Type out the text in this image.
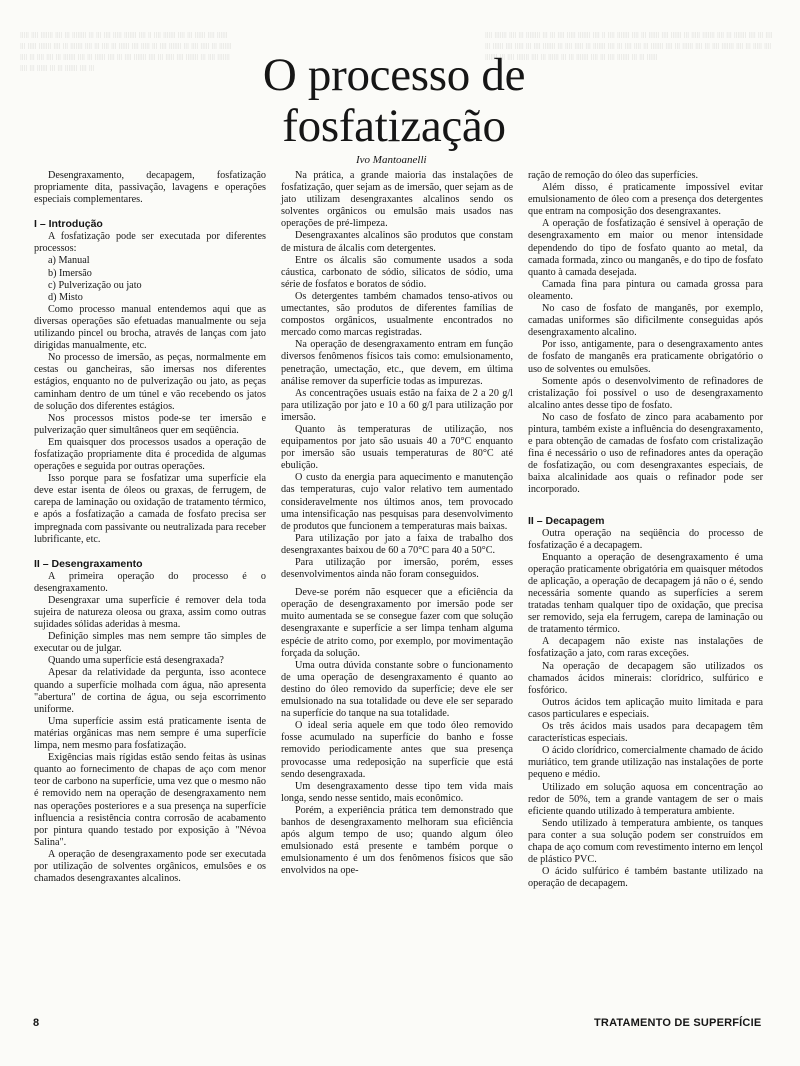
lllll llll lllllll llll lll llllllll lll lll llll lllll lllllll llll ll llll lllllll llll lll llllll llll llllll lll lllll lllllll llll lll lllllll llll lll llll lll llllll llll lllll lll llll lllllll lll llll lllll lll lllllll llll lll llll llll lll lllllll llll lll llllll llll lll llll lllllll llll lll lllll llll lllllll lll llll lllllll llll lll llllll lll lll lllllll llll lll
llll lllllll llll lll llllllll lll lll llll lllll lllllll llll ll llll lllllll llll lll llllll llll llllll lll lllll lllllll llll lll lllllll llll lll llll lll llllll llll lllll lll llll lllllll lll llll lllll lll lllllll llll lll llll llll lll lllllll llll lll llllll llll lll llll lllllll llll lll lllll llll lllllll lll llll lllllll llll lll llllll lll lll lllllll llll lll llll lllllll lll lll llllll
O processo de
fosfatização

Ivo Mantoanelli

Desengraxamento, decapagem, fosfatização propriamente dita, passivação, lavagens e operações especiais complementares.

I – Introdução

A fosfatização pode ser executada por diferentes processos:

a) Manual
b) Imersão
c) Pulverização ou jato
d) Misto

Como processo manual entendemos aqui que as diversas operações são efetuadas manualmente ou seja utilizando pincel ou brocha, através de lanças com jato dirigidas manualmente, etc.

No processo de imersão, as peças, normalmente em cestas ou gancheiras, são imersas nos diferentes estágios, enquanto no de pulverização ou jato, as peças caminham dentro de um túnel e vão recebendo os jatos de solução dos diferentes estágios.

Nos processos mistos pode-se ter imersão e pulverização quer simultâneos quer em seqüência.

Em quaisquer dos processos usados a operação de fosfatização propriamente dita é procedida de algumas operações e seguida por outras operações.

Isso porque para se fosfatizar uma superfície ela deve estar isenta de óleos ou graxas, de ferrugem, de carepa de laminação ou oxidação de tratamento térmico, e após a fosfatização a camada de fosfato precisa ser impregnada com passivante ou neutralizada para receber lubrificante, etc.

II – Desengraxamento

A primeira operação do processo é o desengraxamento.

Desengraxar uma superfície é remover dela toda sujeira de natureza oleosa ou graxa, assim como outras sujidades sólidas aderidas à mesma.

Definição simples mas nem sempre tão simples de executar ou de julgar.

Quando uma superfície está desengraxada?

Apesar da relatividade da pergunta, isso acontece quando a superfície molhada com água, não apresenta "abertura" de cortina de água, ou seja escorrimento uniforme.

Uma superfície assim está praticamente isenta de matérias orgânicas mas nem sempre é uma superfície limpa, nem mesmo para fosfatização.

Exigências mais rígidas estão sendo feitas às usinas quanto ao fornecimento de chapas de aço com menor teor de carbono na superfície, uma vez que o mesmo não é removido nem na operação de desengraxamento nem nas operações posteriores e a sua presença na superfície influencia a resistência contra corrosão de acabamento por pintura quando testado por exposição à "Névoa Salina".

A operação de desengraxamento pode ser executada por utilização de solventes orgânicos, emulsões e os chamados desengraxantes alcalinos.

Na prática, a grande maioria das instalações de fosfatização, quer sejam as de imersão, quer sejam as de jato utilizam desengraxantes alcalinos sendo os solventes orgânicos ou emulsão mais usados nas operações de pré-limpeza.

Desengraxantes alcalinos são produtos que constam de mistura de álcalis com detergentes.

Entre os álcalis são comumente usados a soda cáustica, carbonato de sódio, silicatos de sódio, uma série de fosfatos e boratos de sódio.

Os detergentes também chamados tenso-ativos ou umectantes, são produtos de diferentes famílias de compostos orgânicos, usualmente encontrados no mercado como marcas registradas.

Na operação de desengraxamento entram em função diversos fenômenos físicos tais como: emulsionamento, penetração, umectação, etc., que devem, em última análise remover da superfície todas as impurezas.

As concentrações usuais estão na faixa de 2 a 20 g/l para utilização por jato e 10 a 60 g/l para utilização por imersão.

Quanto às temperaturas de utilização, nos equipamentos por jato são usuais 40 a 70°C enquanto por imersão são usuais temperaturas de 80°C até ebulição.

O custo da energia para aquecimento e manutenção das temperaturas, cujo valor relativo tem aumentado consideravelmente nos últimos anos, tem provocado uma intensificação nas pesquisas para desenvolvimento de produtos que funcionem a temperaturas mais baixas.

Para utilização por jato a faixa de trabalho dos desengraxantes baixou de 60 a 70°C para 40 a 50°C.

Para utilização por imersão, porém, esses desenvolvimentos ainda não foram conseguidos.

Deve-se porém não esquecer que a eficiência da operação de desengraxamento por imersão pode ser muito aumentada se se consegue fazer com que solução desengraxante e superfície a ser limpa tenham alguma espécie de atrito como, por exemplo, por movimentação forçada da solução.

Uma outra dúvida constante sobre o funcionamento de uma operação de desengraxamento é quanto ao destino do óleo removido da superfície; deve ele ser emulsionado na sua totalidade ou deve ele ser separado na superfície do tanque na sua totalidade.

O ideal seria aquele em que todo óleo removido fosse acumulado na superfície do banho e fosse removido periodicamente antes que sua presença provocasse uma redeposição na superfície que está sendo desengraxada.

Um desengraxamento desse tipo tem vida mais longa, sendo nesse sentido, mais econômico.

Porém, a experiência prática tem demonstrado que banhos de desengraxamento melhoram sua eficiência após algum tempo de uso; quando algum óleo emulsionado está presente e também porque o emulsionamento é um dos fenômenos físicos que são envolvidos na ope-

ração de remoção do óleo das superfícies.

Além disso, é praticamente impossível evitar emulsionamento de óleo com a presença dos detergentes que entram na composição dos desengraxantes.

A operação de fosfatização é sensível à operação de desengraxamento em maior ou menor intensidade dependendo do tipo de fosfato quanto ao metal, da camada formada, zinco ou manganês, e do tipo de fosfato quanto à camada desejada.

Camada fina para pintura ou camada grossa para oleamento.

No caso de fosfato de manganês, por exemplo, camadas uniformes são dificilmente conseguidas após desengraxamento alcalino.

Por isso, antigamente, para o desengraxamento antes de fosfato de manganês era praticamente obrigatório o uso de solventes ou emulsões.

Somente após o desenvolvimento de refinadores de cristalização foi possível o uso de desengraxamento alcalino antes desse tipo de fosfato.

No caso de fosfato de zinco para acabamento por pintura, também existe a influência do desengraxamento, e para obtenção de camadas de fosfato com cristalização fina é necessário o uso de refinadores antes da operação de fosfatização, ou com desengraxantes especiais, de baixa alcalinidade aos quais o refinador pode ser incorporado.

II – Decapagem

Outra operação na seqüência do processo de fosfatização é a decapagem.

Enquanto a operação de desengraxamento é uma operação praticamente obrigatória em quaisquer métodos de aplicação, a operação de decapagem já não o é, sendo necessária somente quando as superfícies a serem tratadas tenham qualquer tipo de oxidação, que precisa ser removido, seja ela ferrugem, carepa de laminação ou de tratamento térmico.

A decapagem não existe nas instalações de fosfatização a jato, com raras exceções.

Na operação de decapagem são utilizados os chamados ácidos minerais: clorídrico, sulfúrico e fosfórico.

Outros ácidos tem aplicação muito limitada e para casos particulares e especiais.

Os três ácidos mais usados para decapagem têm características especiais.

O ácido clorídrico, comercialmente chamado de ácido muriático, tem grande utilização nas instalações de porte pequeno e médio.

Utilizado em solução aquosa em concentração ao redor de 50%, tem a grande vantagem de ser o mais eficiente quando utilizado à temperatura ambiente.

Sendo utilizado à temperatura ambiente, os tanques para conter a sua solução podem ser construídos em chapa de aço comum com revestimento interno em lençol de plástico PVC.

O ácido sulfúrico é também bastante utilizado na operação de decapagem.

8	TRATAMENTO DE SUPERFÍCIE
